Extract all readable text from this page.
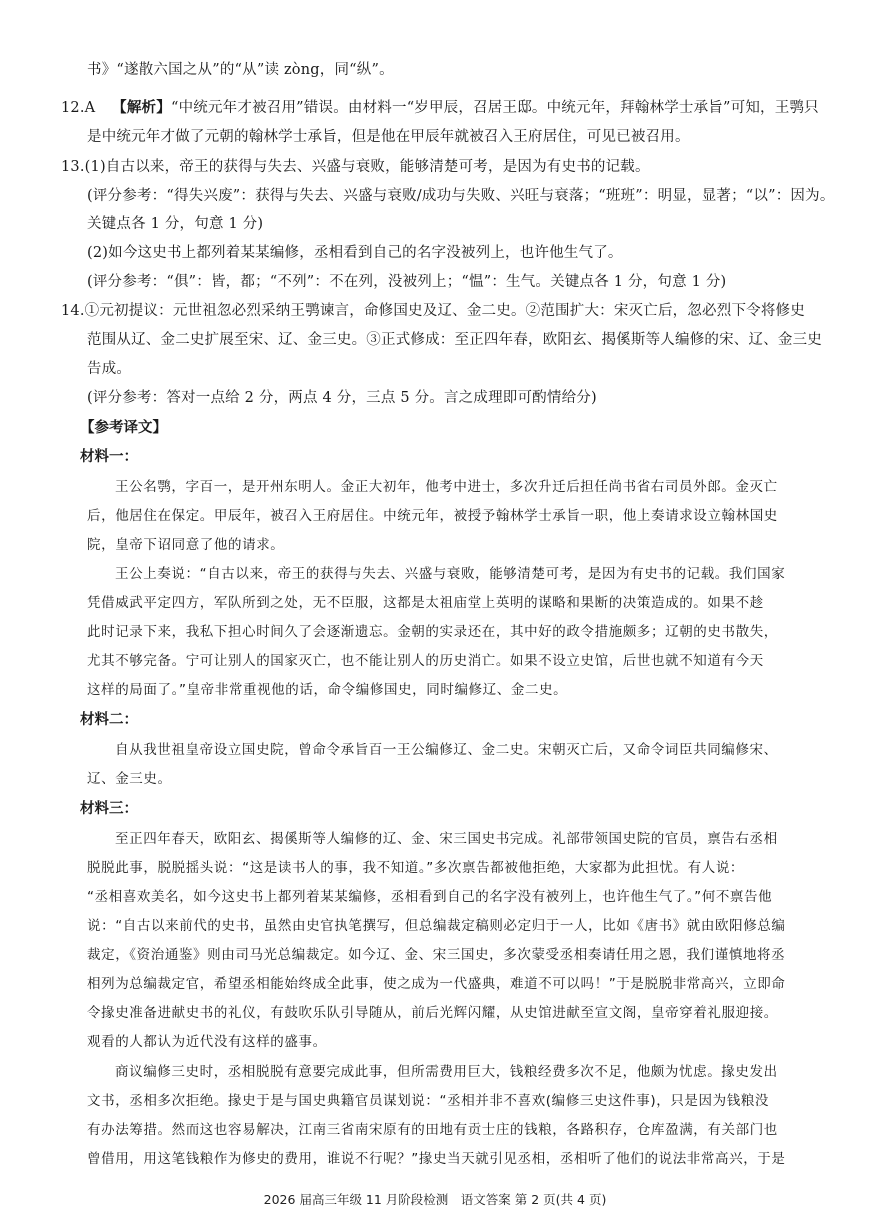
书》“遂散六国之从”的“从”读 zòng，同“纵”。
12.A 【解析】“中统元年才被召用”错误。由材料一“岁甲辰，召居王邸。中统元年，拜翰林学士承旨”可知，王鹗只
是中统元年才做了元朝的翰林学士承旨，但是他在甲辰年就被召入王府居住，可见已被召用。
13.(1)自古以来，帝王的获得与失去、兴盛与衰败，能够清楚可考，是因为有史书的记载。
(评分参考：“得失兴废”：获得与失去、兴盛与衰败/成功与失败、兴旺与衰落；“班班”：明显，显著；“以”：因为。
关键点各 1 分，句意 1 分)
(2)如今这史书上都列着某某编修，丞相看到自己的名字没被列上，也许他生气了。
(评分参考：“俱”：皆，都；“不列”：不在列，没被列上；“愠”：生气。关键点各 1 分，句意 1 分)
14.①元初提议：元世祖忽必烈采纳王鹗谏言，命修国史及辽、金二史。②范围扩大：宋灭亡后，忽必烈下令将修史
范围从辽、金二史扩展至宋、辽、金三史。③正式修成：至正四年春，欧阳玄、揭傒斯等人编修的宋、辽、金三史
告成。
(评分参考：答对一点给 2 分，两点 4 分，三点 5 分。言之成理即可酌情给分)
【参考译文】
材料一：
王公名鹗，字百一，是开州东明人。金正大初年，他考中进士，多次升迁后担任尚书省右司员外郎。金灭亡
后，他居住在保定。甲辰年，被召入王府居住。中统元年，被授予翰林学士承旨一职，他上奏请求设立翰林国史
院，皇帝下诏同意了他的请求。
王公上奏说：“自古以来，帝王的获得与失去、兴盛与衰败，能够清楚可考，是因为有史书的记载。我们国家
凭借威武平定四方，军队所到之处，无不臣服，这都是太祖庙堂上英明的谋略和果断的决策造成的。如果不趁
此时记录下来，我私下担心时间久了会逐渐遗忘。金朝的实录还在，其中好的政令措施颇多；辽朝的史书散失，
尤其不够完备。宁可让别人的国家灭亡，也不能让别人的历史消亡。如果不设立史馆，后世也就不知道有今天
这样的局面了。”皇帝非常重视他的话，命令编修国史，同时编修辽、金二史。
材料二：
自从我世祖皇帝设立国史院，曾命令承旨百一王公编修辽、金二史。宋朝灭亡后，又命令词臣共同编修宋、
辽、金三史。
材料三：
至正四年春天，欧阳玄、揭傒斯等人编修的辽、金、宋三国史书完成。礼部带领国史院的官员，禀告右丞相
脱脱此事，脱脱摇头说：“这是读书人的事，我不知道。”多次禀告都被他拒绝，大家都为此担忧。有人说：
“丞相喜欢美名，如今这史书上都列着某某编修，丞相看到自己的名字没有被列上，也许他生气了。”何不禀告他
说：“自古以来前代的史书，虽然由史官执笔撰写，但总编裁定稿则必定归于一人，比如《唐书》就由欧阳修总编
裁定，《资治通鉴》则由司马光总编裁定。如今辽、金、宋三国史，多次蒙受丞相奏请任用之恩，我们谨慎地将丞
相列为总编裁定官，希望丞相能始终成全此事，使之成为一代盛典，难道不可以吗！”于是脱脱非常高兴，立即命
令掾史准备进献史书的礼仪，有鼓吹乐队引导随从，前后光辉闪耀，从史馆进献至宣文阁，皇帝穿着礼服迎接。
观看的人都认为近代没有这样的盛事。
商议编修三史时，丞相脱脱有意要完成此事，但所需费用巨大，钱粮经费多次不足，他颇为忧虑。掾史发出
文书，丞相多次拒绝。掾史于是与国史典籍官员谋划说：“丞相并非不喜欢(编修三史这件事)，只是因为钱粮没
有办法筹措。然而这也容易解决，江南三省南宋原有的田地有贡士庄的钱粮，各路积存，仓库盈满，有关部门也
曾借用，用这笔钱粮作为修史的费用，谁说不行呢？”掾史当天就引见丞相，丞相听了他们的说法非常高兴，于是
2026 届高三年级 11 月阶段检测　语文答案 第 2 页(共 4 页)
